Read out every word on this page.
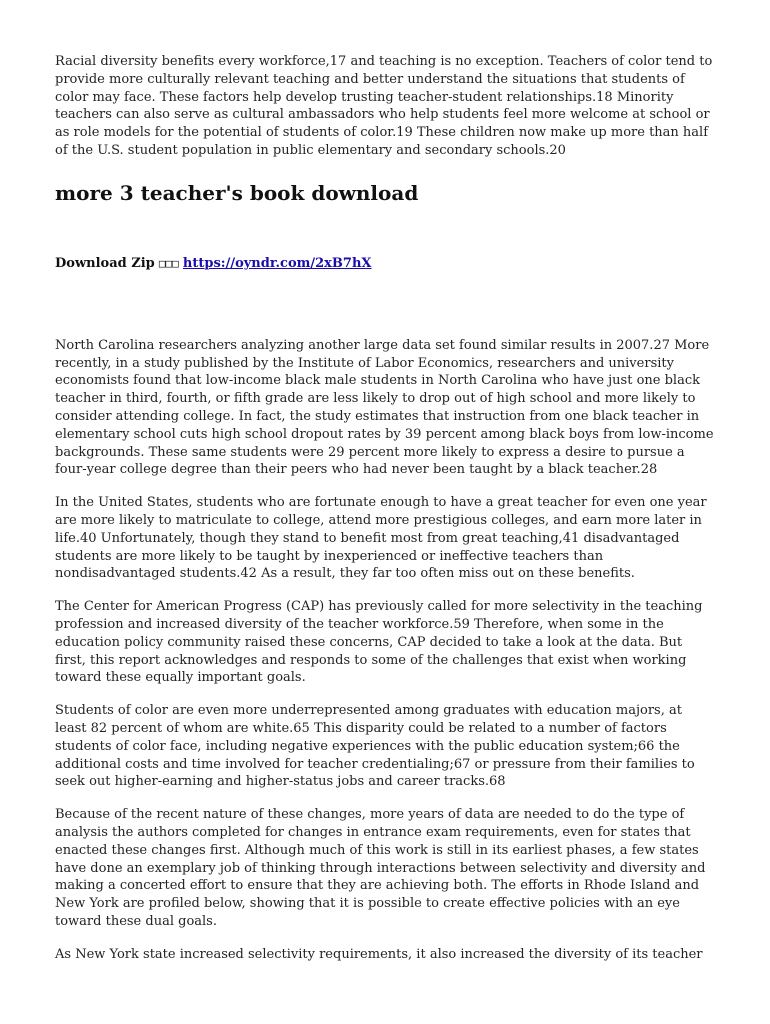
Racial diversity benefits every workforce,17 and teaching is no exception. Teachers of color tend to provide more culturally relevant teaching and better understand the situations that students of color may face. These factors help develop trusting teacher-student relationships.18 Minority teachers can also serve as cultural ambassadors who help students feel more welcome at school or as role models for the potential of students of color.19 These children now make up more than half of the U.S. student population in public elementary and secondary schools.20

more 3 teacher's book download
Download Zip □□□ https://oyndr.com/2xB7hX

North Carolina researchers analyzing another large data set found similar results in 2007.27 More recently, in a study published by the Institute of Labor Economics, researchers and university economists found that low-income black male students in North Carolina who have just one black teacher in third, fourth, or fifth grade are less likely to drop out of high school and more likely to consider attending college. In fact, the study estimates that instruction from one black teacher in elementary school cuts high school dropout rates by 39 percent among black boys from low-income backgrounds. These same students were 29 percent more likely to express a desire to pursue a four-year college degree than their peers who had never been taught by a black teacher.28

In the United States, students who are fortunate enough to have a great teacher for even one year are more likely to matriculate to college, attend more prestigious colleges, and earn more later in life.40 Unfortunately, though they stand to benefit most from great teaching,41 disadvantaged students are more likely to be taught by inexperienced or ineffective teachers than nondisadvantaged students.42 As a result, they far too often miss out on these benefits.

The Center for American Progress (CAP) has previously called for more selectivity in the teaching profession and increased diversity of the teacher workforce.59 Therefore, when some in the education policy community raised these concerns, CAP decided to take a look at the data. But first, this report acknowledges and responds to some of the challenges that exist when working toward these equally important goals.

Students of color are even more underrepresented among graduates with education majors, at least 82 percent of whom are white.65 This disparity could be related to a number of factors students of color face, including negative experiences with the public education system;66 the additional costs and time involved for teacher credentialing;67 or pressure from their families to seek out higher-earning and higher-status jobs and career tracks.68

Because of the recent nature of these changes, more years of data are needed to do the type of analysis the authors completed for changes in entrance exam requirements, even for states that enacted these changes first. Although much of this work is still in its earliest phases, a few states have done an exemplary job of thinking through interactions between selectivity and diversity and making a concerted effort to ensure that they are achieving both. The efforts in Rhode Island and New York are profiled below, showing that it is possible to create effective policies with an eye toward these dual goals.

As New York state increased selectivity requirements, it also increased the diversity of its teacher
